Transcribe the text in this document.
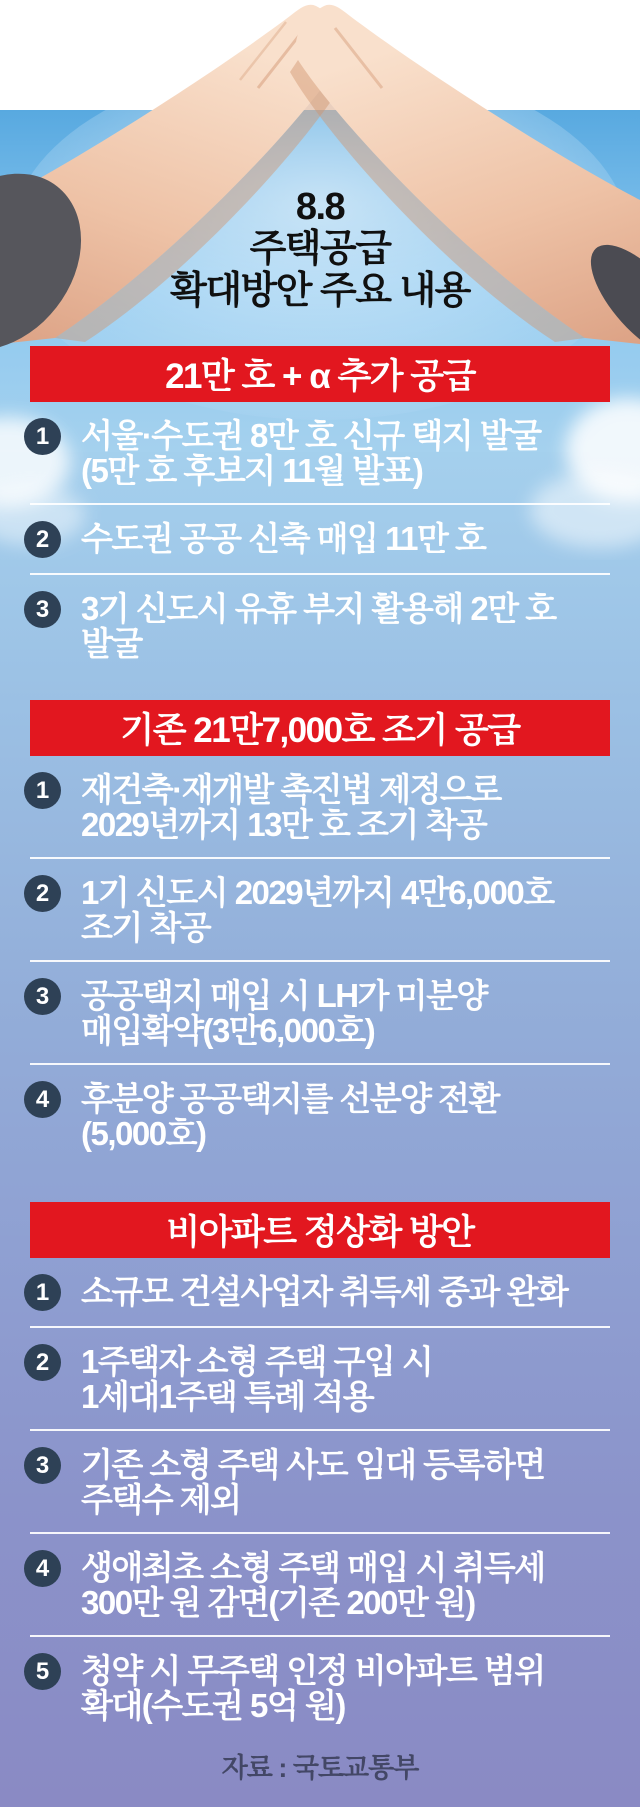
8.8
주택공급
확대방안 주요 내용
21만 호 + α 추가 공급
1 서울·수도권 8만 호 신규 택지 발굴
(5만 호 후보지 11월 발표)
2 수도권 공공 신축 매입 11만 호
3 3기 신도시 유휴 부지 활용해 2만 호
발굴
기존 21만7,000호 조기 공급
1 재건축·재개발 촉진법 제정으로
2029년까지 13만 호 조기 착공
2 1기 신도시 2029년까지 4만6,000호
조기 착공
3 공공택지 매입 시 LH가 미분양
매입확약(3만6,000호)
4 후분양 공공택지를 선분양 전환
(5,000호)
비아파트 정상화 방안
1 소규모 건설사업자 취득세 중과 완화
2 1주택자 소형 주택 구입 시
1세대1주택 특례 적용
3 기존 소형 주택 사도 임대 등록하면
주택수 제외
4 생애최초 소형 주택 매입 시 취득세
300만 원 감면(기존 200만 원)
5 청약 시 무주택 인정 비아파트 범위
확대(수도권 5억 원)
자료 : 국토교통부
